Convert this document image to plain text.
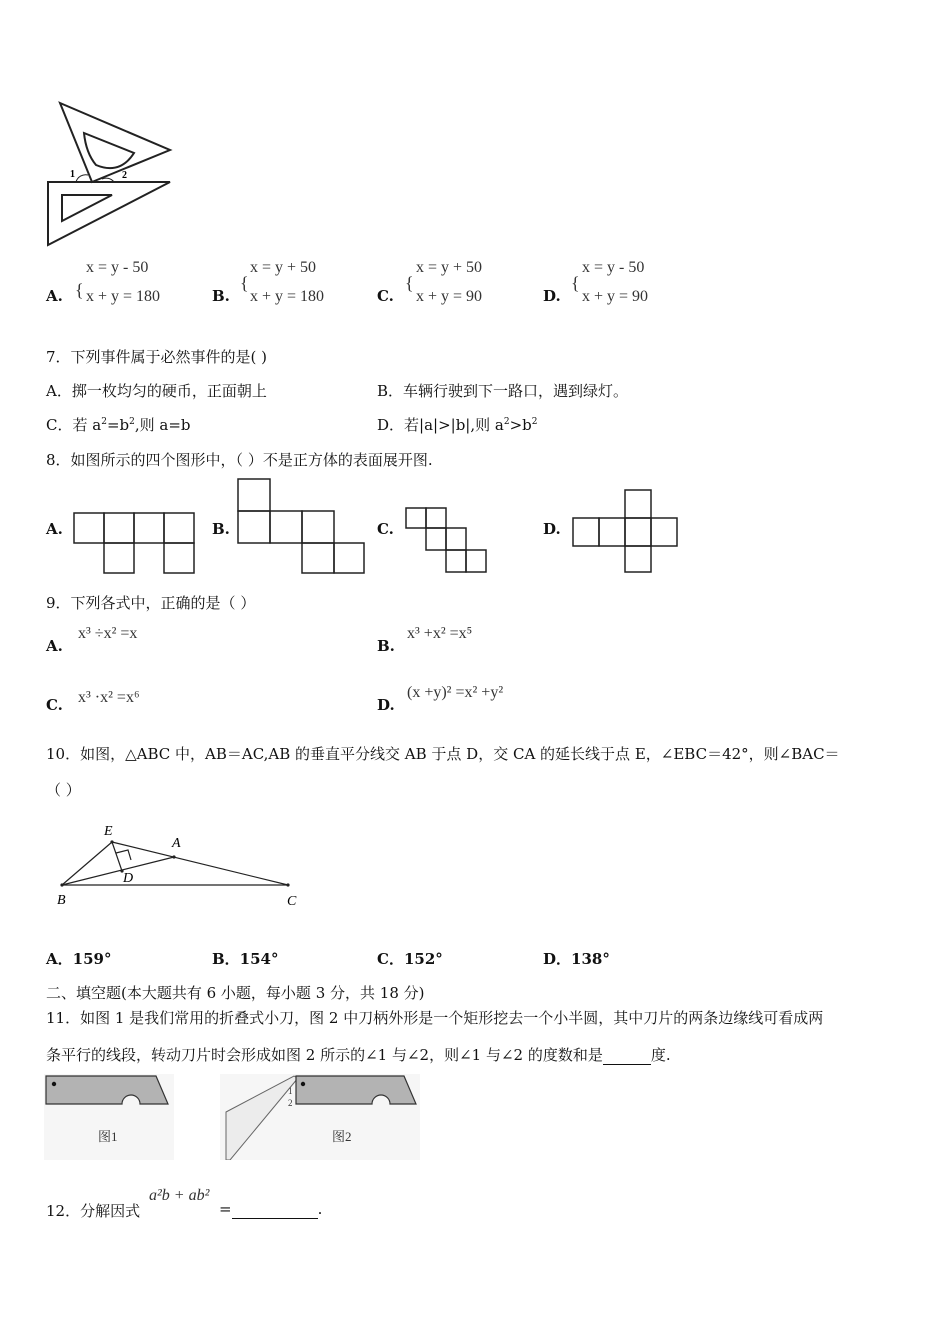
1	2
A. {
x = y - 50
x + y = 180	B.
{
x = y + 50
x + y = 180	C.
{
x = y + 50
x + y = 90	D.
{
x = y - 50
x + y = 90
7．下列事件属于必然事件的是( )
A．掷一枚均匀的硬币，正面朝上	B．车辆行驶到下一路口，遇到绿灯。
C．若 $a^2=b^2$,则 a=b	D．若|a|>|b|,则 $a^2>b^2$
8．如图所示的四个图形中，（ ）不是正方体的表面展开图.
A.	B.	C.	D.
9．下列各式中，正确的是（ ）
A.
x³ ÷x² =x
B.
x³ +x² =x⁵
C. x³ ·x² =x⁶	D.
(x +y)² =x² +y²
10．如图，△ABC 中，AB＝AC,AB 的垂直平分线交 AB 于点 D，交 CA 的延长线于点 E，∠EBC＝42°，则∠BAC＝
（ ）
E
A
D
B	C
A．159°	B．154°	C．152°	D．138°
二、填空题(本大题共有 6 小题，每小题 3 分，共 18 分)
11．如图 1 是我们常用的折叠式小刀，图 2 中刀柄外形是一个矩形挖去一个小半圆，其中刀片的两条边缘线可看成两
条平行的线段，转动刀片时会形成如图 2 所示的∠1 与∠2，则∠1 与∠2 的度数和是	度.
图1
1
2
图2
12．分解因式
a²b + ab²
=	.
